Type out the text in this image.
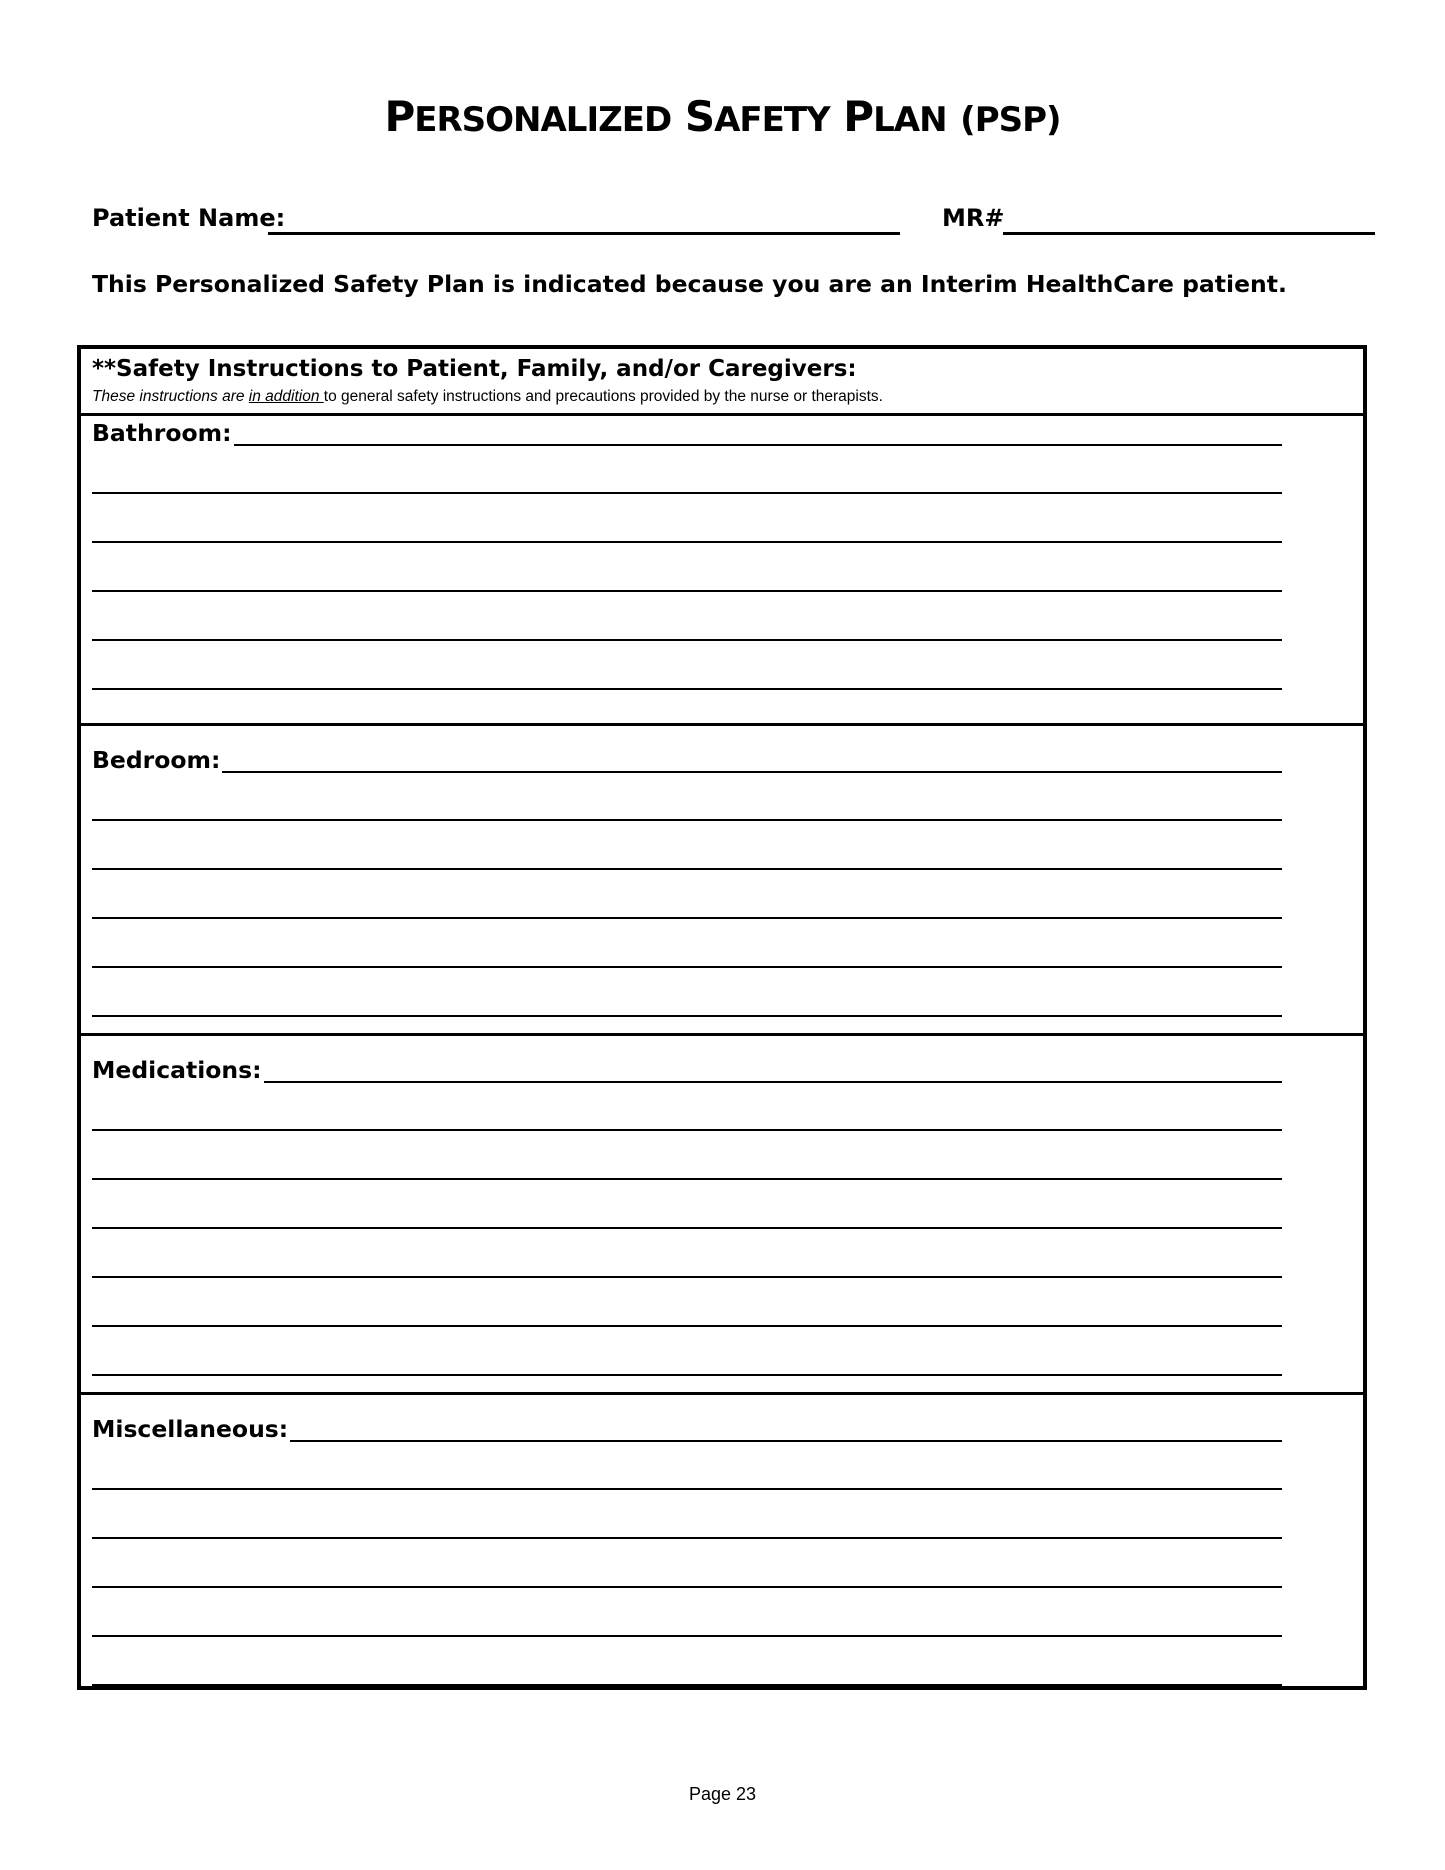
PERSONALIZED SAFETY PLAN (PSP)
Patient Name:	MR#

This Personalized Safety Plan is indicated because you are an Interim HealthCare patient.

**Safety Instructions to Patient, Family, and/or Caregivers:
These instructions are in addition to general safety instructions and precautions provided by the nurse or therapists.
Bathroom:
Bedroom:
Medications:
Miscellaneous:
Page 23
